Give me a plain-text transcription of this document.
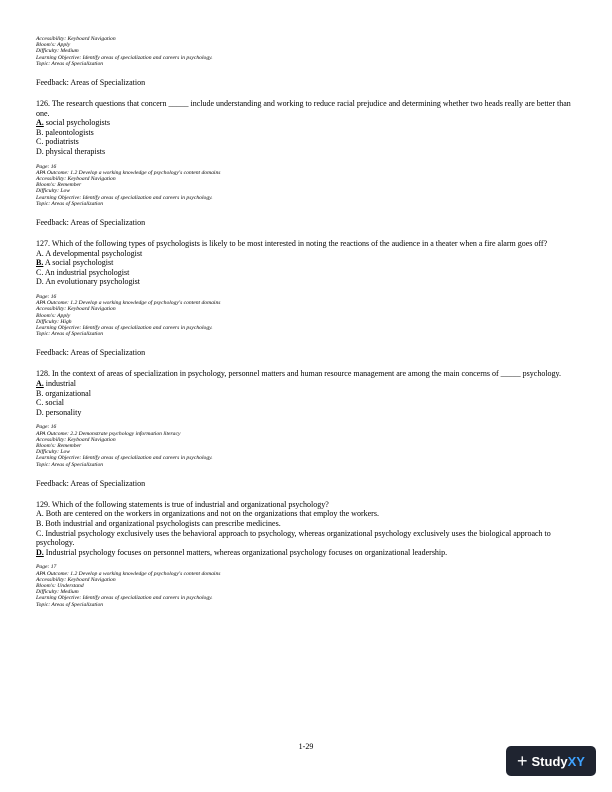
Accessibility: Keyboard Navigation
Bloom's: Apply
Difficulty: Medium
Learning Objective: Identify areas of specialization and careers in psychology.
Topic: Areas of Specialization
Feedback: Areas of Specialization
126. The research questions that concern _____ include understanding and working to reduce racial prejudice and determining whether two heads really are better than one.
A. social psychologists
B. paleontologists
C. podiatrists
D. physical therapists
Page: 16
APA Outcome: 1.2 Develop a working knowledge of psychology's content domains
Accessibility: Keyboard Navigation
Bloom's: Remember
Difficulty: Low
Learning Objective: Identify areas of specialization and careers in psychology.
Topic: Areas of Specialization
Feedback: Areas of Specialization
127. Which of the following types of psychologists is likely to be most interested in noting the reactions of the audience in a theater when a fire alarm goes off?
A. A developmental psychologist
B. A social psychologist
C. An industrial psychologist
D. An evolutionary psychologist
Page: 16
APA Outcome: 1.2 Develop a working knowledge of psychology's content domains
Accessibility: Keyboard Navigation
Bloom's: Apply
Difficulty: High
Learning Objective: Identify areas of specialization and careers in psychology.
Topic: Areas of Specialization
Feedback: Areas of Specialization
128. In the context of areas of specialization in psychology, personnel matters and human resource management are among the main concerns of _____ psychology.
A. industrial
B. organizational
C. social
D. personality
Page: 16
APA Outcome: 2.2 Demonstrate psychology information literacy
Accessibility: Keyboard Navigation
Bloom's: Remember
Difficulty: Low
Learning Objective: Identify areas of specialization and careers in psychology.
Topic: Areas of Specialization
Feedback: Areas of Specialization
129. Which of the following statements is true of industrial and organizational psychology?
A. Both are centered on the workers in organizations and not on the organizations that employ the workers.
B. Both industrial and organizational psychologists can prescribe medicines.
C. Industrial psychology exclusively uses the behavioral approach to psychology, whereas organizational psychology exclusively uses the biological approach to psychology.
D. Industrial psychology focuses on personnel matters, whereas organizational psychology focuses on organizational leadership.
Page: 17
APA Outcome: 1.2 Develop a working knowledge of psychology's content domains
Accessibility: Keyboard Navigation
Bloom's: Understand
Difficulty: Medium
Learning Objective: Identify areas of specialization and careers in psychology.
Topic: Areas of Specialization
1-29
+ Study XY
